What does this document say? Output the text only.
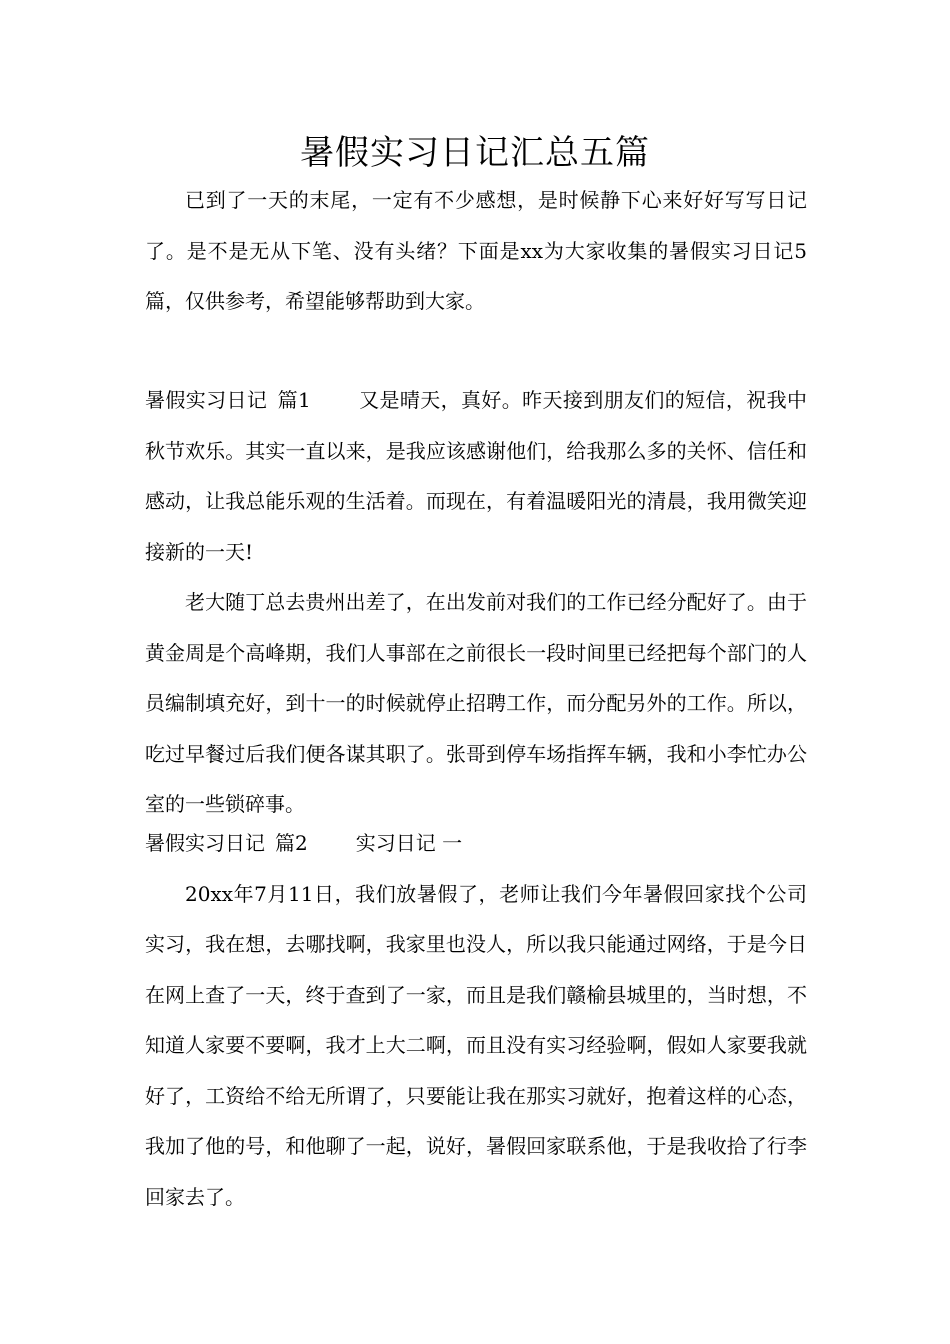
暑假实习日记汇总五篇

已到了一天的末尾，一定有不少感想，是时候静下心来好好写写日记了。是不是无从下笔、没有头绪？下面是xx为大家收集的暑假实习日记5篇，仅供参考，希望能够帮助到大家。

暑假实习日记 篇1 又是晴天，真好。昨天接到朋友们的短信，祝我中秋节欢乐。其实一直以来，是我应该感谢他们，给我那么多的关怀、信任和感动，让我总能乐观的生活着。而现在，有着温暖阳光的清晨，我用微笑迎接新的一天!

老大随丁总去贵州出差了，在出发前对我们的工作已经分配好了。由于黄金周是个高峰期，我们人事部在之前很长一段时间里已经把每个部门的人员编制填充好，到十一的时候就停止招聘工作，而分配另外的工作。所以，吃过早餐过后我们便各谋其职了。张哥到停车场指挥车辆，我和小李忙办公室的一些锁碎事。

暑假实习日记 篇2 实习日记 一

20xx年7月11日，我们放暑假了，老师让我们今年暑假回家找个公司实习，我在想，去哪找啊，我家里也没人，所以我只能通过网络，于是今日在网上查了一天，终于查到了一家，而且是我们赣榆县城里的，当时想，不知道人家要不要啊，我才上大二啊，而且没有实习经验啊，假如人家要我就好了，工资给不给无所谓了，只要能让我在那实习就好，抱着这样的心态，我加了他的号，和他聊了一起，说好，暑假回家联系他，于是我收拾了行李回家去了。
